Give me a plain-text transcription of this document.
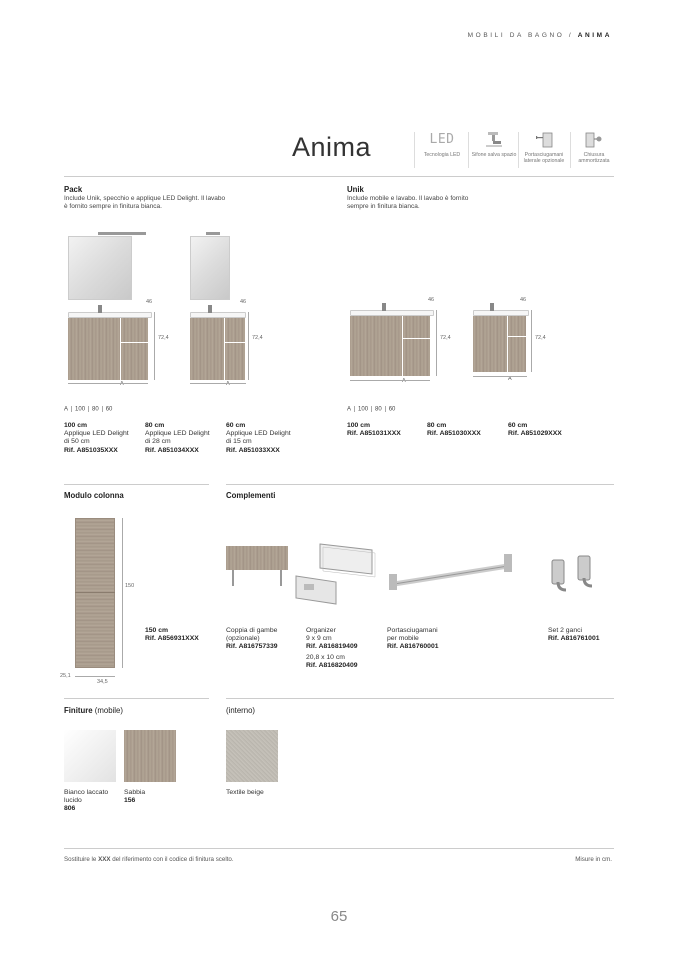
MOBILI DA BAGNO / ANIMA
Anima	LED
Tecnologia LED	Sifone salva spazio	Portasciugamani laterale opzionale
Chiusura ammortizzata
Pack
Include Unik, specchio e applique LED Delight. Il lavabo
è fornito sempre in finitura bianca.
46
72,4
A
46
72,4
A
A 100 80 60
100 cm
Applique LED Delight
di 50 cm
Rif. A851035XXX
80 cm
Applique LED Delight
di 28 cm
Rif. A851034XXX
60 cm
Applique LED Delight
di 15 cm
Rif. A851033XXX
Unik
Include mobile e lavabo. Il lavabo è fornito
sempre in finitura bianca.
46
72,4
A
46
72,4
A
A 100 80 60
100 cm
Rif. A851031XXX
80 cm
Rif. A851030XXX
60 cm
Rif. A851029XXX
Modulo colonna
150
25,1
34,5
150 cm
Rif. A856931XXX
Complementi
Coppia di gambe
(opzionale)
Rif. A816757339
Organizer
9 x 9 cm
Rif. A816819409
20,8 x 10 cm
Rif. A816820409
Portasciugamani
per mobile
Rif. A816760001
Set 2 ganci
Rif. A816761001
Finiture (mobile)	(interno)
Bianco laccato
lucido
806
Sabbia
156
Textile beige
Sostituire le XXX del riferimento con il codice di finitura scelto.	Misure in cm.
65
